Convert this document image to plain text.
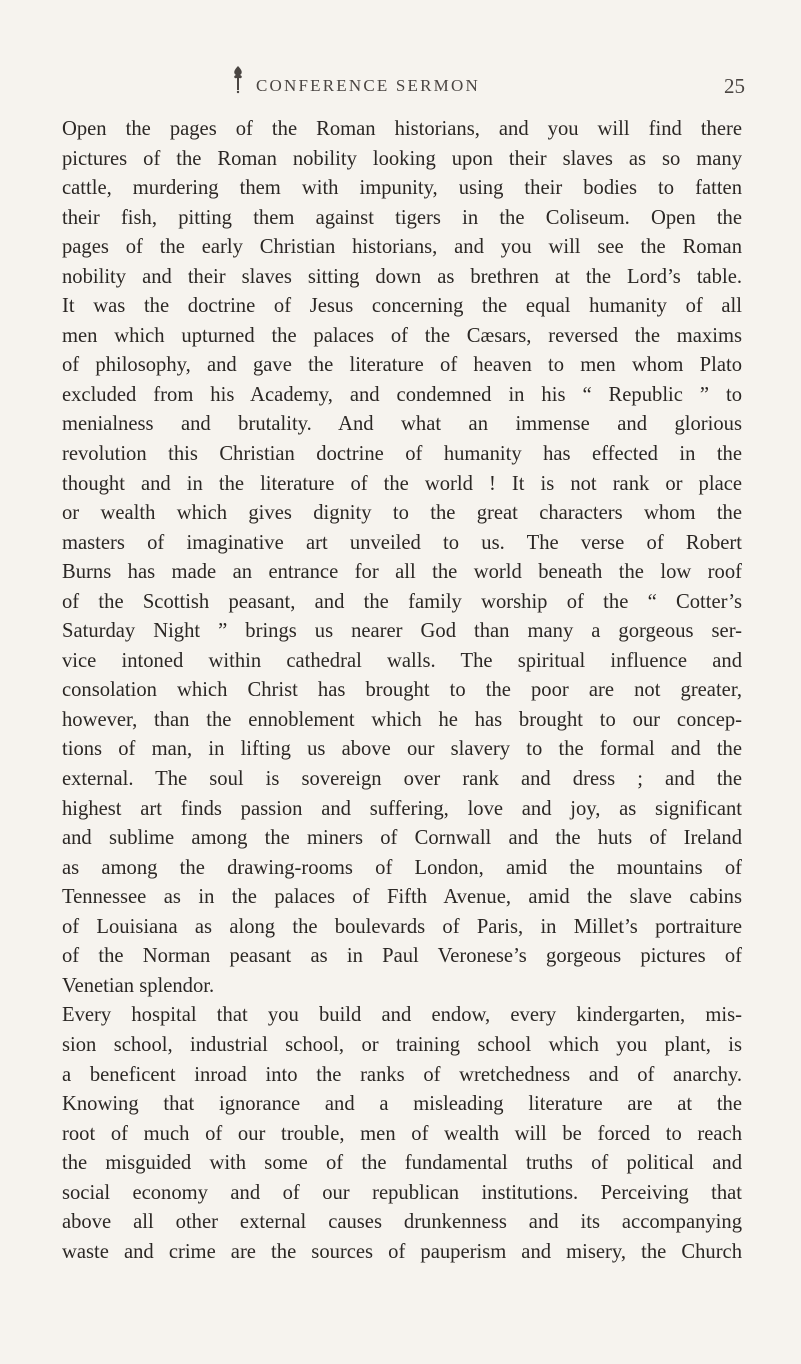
CONFERENCE SERMON	25
Open the pages of the Roman historians, and you will find there
pictures of the Roman nobility looking upon their slaves as so many
cattle, murdering them with impunity, using their bodies to fatten
their fish, pitting them against tigers in the Coliseum. Open the
pages of the early Christian historians, and you will see the Roman
nobility and their slaves sitting down as brethren at the Lord’s table.
It was the doctrine of Jesus concerning the equal humanity of all
men which upturned the palaces of the Cæsars, reversed the maxims
of philosophy, and gave the literature of heaven to men whom Plato
excluded from his Academy, and condemned in his “ Republic ” to
menialness and brutality. And what an immense and glorious
revolution this Christian doctrine of humanity has effected in the
thought and in the literature of the world ! It is not rank or place
or wealth which gives dignity to the great characters whom the
masters of imaginative art unveiled to us. The verse of Robert
Burns has made an entrance for all the world beneath the low roof
of the Scottish peasant, and the family worship of the “ Cotter’s
Saturday Night ” brings us nearer God than many a gorgeous ser-
vice intoned within cathedral walls. The spiritual influence and
consolation which Christ has brought to the poor are not greater,
however, than the ennoblement which he has brought to our concep-
tions of man, in lifting us above our slavery to the formal and the
external. The soul is sovereign over rank and dress ; and the
highest art finds passion and suffering, love and joy, as significant
and sublime among the miners of Cornwall and the huts of Ireland
as among the drawing-rooms of London, amid the mountains of
Tennessee as in the palaces of Fifth Avenue, amid the slave cabins
of Louisiana as along the boulevards of Paris, in Millet’s portraiture
of the Norman peasant as in Paul Veronese’s gorgeous pictures of
Venetian splendor.
Every hospital that you build and endow, every kindergarten, mis-
sion school, industrial school, or training school which you plant, is
a beneficent inroad into the ranks of wretchedness and of anarchy.
Knowing that ignorance and a misleading literature are at the
root of much of our trouble, men of wealth will be forced to reach
the misguided with some of the fundamental truths of political and
social economy and of our republican institutions. Perceiving that
above all other external causes drunkenness and its accompanying
waste and crime are the sources of pauperism and misery, the Church
